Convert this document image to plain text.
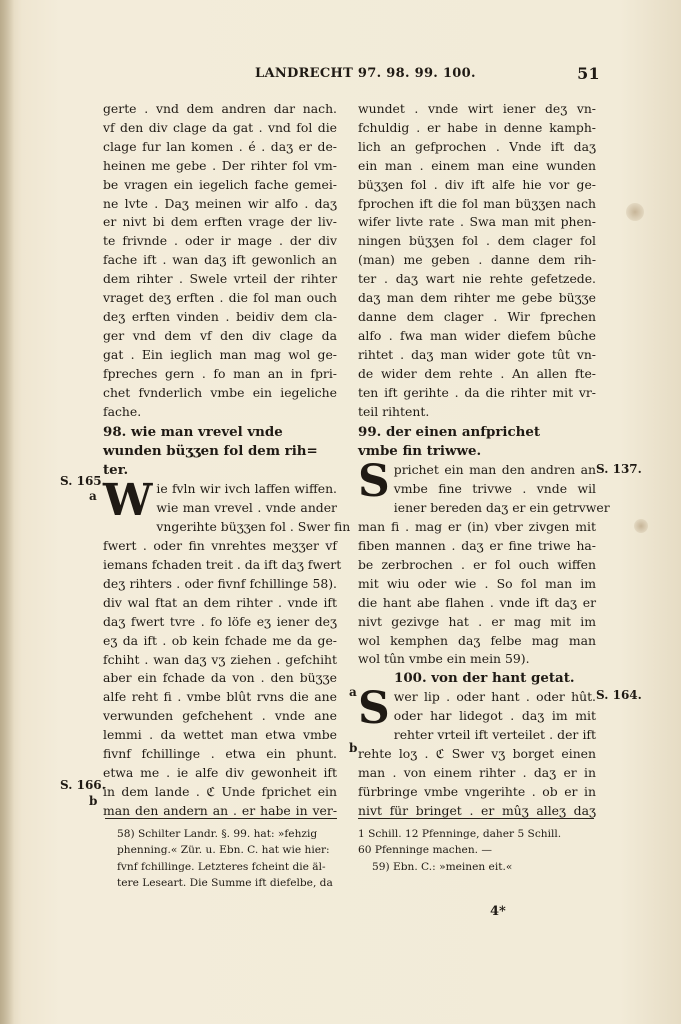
LANDRECHT 97. 98. 99. 100.	51
gerte . vnd dem andren dar nach.
vf den div clage da gat . vnd fol die
clage fur lan komen . é . daʒ er de-
heinen me gebe . Der rihter fol vm-
be vragen ein iegelich fache gemei-
ne lvte . Daʒ meinen wir alfo . daʒ
er nivt bi dem erften vrage der liv-
te frivnde . oder ir mage . der div
fache ift . wan daʒ ift gewonlich an
dem rihter . Swele vrteil der rihter
vraget deʒ erften . die fol man ouch
deʒ erften vinden . beidiv dem cla-
ger vnd dem vf den div clage da
gat . Ein ieglich man mag wol ge-
fpreches gern . fo man an in fpri-
chet fvnderlich vmbe ein iegeliche
fache.
98. wie man vrevel vnde
wunden büʒʒen fol dem rih=
ter.
W ie fvln wir ivch laffen wiffen.
wie man vrevel . vnde ander
vngerihte büʒʒen fol . Swer fin
fwert . oder fin vnrehtes meʒʒer vf
iemans fchaden treit . da ift daʒ fwert
deʒ rihters . oder fivnf fchillinge 58).
div wal ftat an dem rihter . vnde ift
daʒ fwert tvre . fo löfe eʒ iener deʒ
eʒ da ift . ob kein fchade me da ge-
fchiht . wan daʒ vʒ ziehen . gefchiht
aber ein fchade da von . den büʒʒe
alfe reht fi . vmbe blût rvns die ane
verwunden gefchehent . vnde ane
lemmi . da wettet man etwa vmbe
fivnf fchillinge . etwa ein phunt.
etwa me . ie alfe div gewonheit ift
in dem lande . ℭ Unde fprichet ein
man den andern an . er habe in ver-
S. 165.
a
S. 166.
b
wundet . vnde wirt iener deʒ vn-
fchuldig . er habe in denne kamph-
lich an gefprochen . Vnde ift daʒ
ein man . einem man eine wunden
büʒʒen fol . div ift alfe hie vor ge-
fprochen ift die fol man büʒʒen nach
wifer livte rate . Swa man mit phen-
ningen büʒʒen fol . dem clager fol
(man) me geben . danne dem rih-
ter . daʒ wart nie rehte gefetzede.
daʒ man dem rihter me gebe büʒʒe
danne dem clager . Wir fprechen
alfo . fwa man wider diefem bûche
rihtet . daʒ man wider gote tût vn-
de wider dem rehte . An allen fte-
ten ift gerihte . da die rihter mit vr-
teil rihtent.
99. der einen anfprichet
vmbe fin triwwe.
S prichet ein man den andren an
vmbe fine trivwe . vnde wil
iener bereden daʒ er ein getrvwer
man fi . mag er (in) vber zivgen mit
fiben mannen . daʒ er fine triwe ha-
be zerbrochen . er fol ouch wiffen
mit wiu oder wie . So fol man im
die hant abe flahen . vnde ift daʒ er
nivt gezivge hat . er mag mit im
wol kemphen daʒ felbe mag man
wol tûn vmbe ein mein 59).
100. von der hant getat.
S wer lip . oder hant . oder hût.
oder har lidegot . daʒ im mit
rehter vrteil ift verteilet . der ift
rehte loʒ . ℭ Swer vʒ borget einen
man . von einem rihter . daʒ er in
fürbringe vmbe vngerihte . ob er in
nivt für bringet . er mûʒ alleʒ daʒ
S. 137.
S. 164.
a
b
58) Schilter Landr. §. 99. hat: »fehzig
phenning.« Zür. u. Ebn. C. hat wie hier:
fvnf fchillinge. Letzteres fcheint die äl-
tere Leseart. Die Summe ift diefelbe, da
1 Schill. 12 Pfenninge, daher 5 Schill.
60 Pfenninge machen. —
59) Ebn. C.: »meinen eit.«
4*
